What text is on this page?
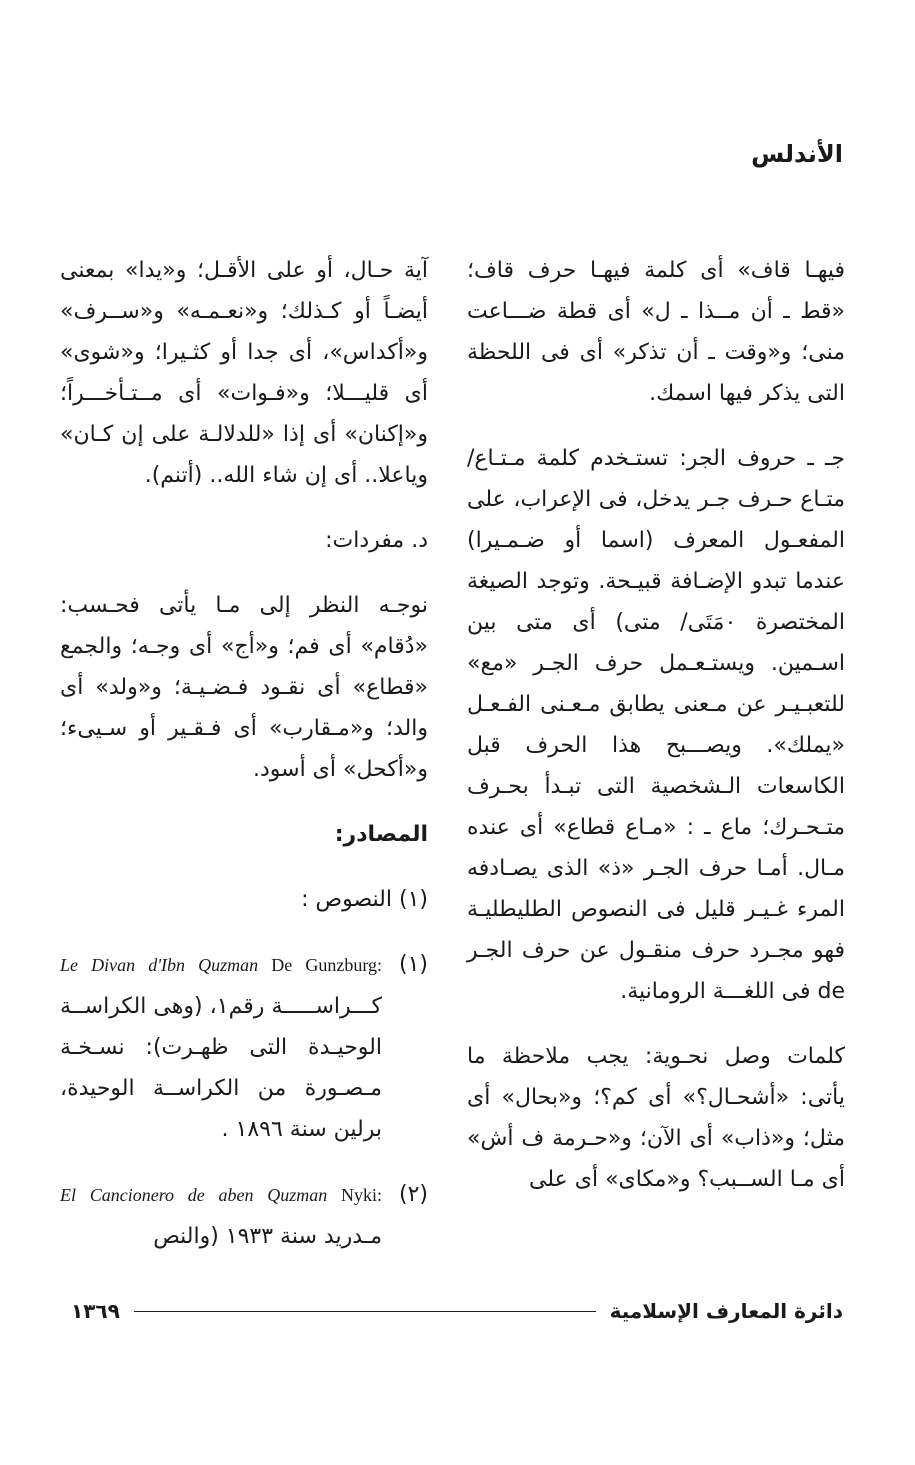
الأندلس

فيهـا قاف» أى كلمة فيهـا حرف قاف؛ «قط ـ أن مــذا ـ ل» أى قطة ضـــاعت منى؛ و«وقت ـ أن تذكر» أى فى اللحظة التى يذكر فيها اسمك.

جـ ـ حروف الجر: تستـخدم كلمة مـتـاع/ متـاع حـرف جـر يدخل، فى الإعراب، على المفعـول المعرف (اسما أو ضـمـيرا) عندما تبدو الإضـافة قبيـحة. وتوجد الصيغة المختصرة ٠مَتَى/ متى) أى متى بين اسـمين. ويستـعـمل حرف الجـر «مع» للتعبـيـر عن مـعنى يطابق مـعـنى الفـعـل «يملك». ويصـــبح هذا الحرف قبل الكاسعات الـشخصية التى تبـدأ بحـرف متـحـرك؛ ماع ـ : «مـاع قطاع» أى عنده مـال. أمـا حرف الجـر «ذ» الذى يصـادفه المرء غـيـر قليل فى النصوص الطليطليـة فهو مجـرد حرف منقـول عن حرف الجـر de فى اللغـــة الرومانية.

كلمات وصل نحـوية: يجب ملاحظة ما يأتى: «أشحـال؟» أى كم؟؛ و«بحال» أى مثل؛ و«ذاب» أى الآن؛ و«حـرمة ف أش» أى مـا الســبب؟ و«مكاى» أى على

آية حـال، أو على الأقـل؛ و«يدا» بمعنى أيضـاً أو كـذلك؛ و«نعـمـه» و«ســرف» و«أكداس»، أى جدا أو كثـيرا؛ و«شوى» أى قليـــلا؛ و«فـوات» أى مــتـأخـــراً؛ و«إكنان» أى إذا «للدلالـة على إن كـان» وياعلا.. أى إن شاء الله.. (أتنم).

د. مفردات:

نوجـه النظر إلى مـا يأتى فحـسب: «دُقام» أى فم؛ و«أج» أى وجـه؛ والجمع «قطاع» أى نقـود فـضـيـة؛ و«ولد» أى والد؛ و«مـقارب» أى فـقـير أو سـيىء؛ و«أكحل» أى أسود.

المصادر:

(١) النصوص :

(١)
Le Divan d'Ibn Quzman De Gunzburg: كـــراســـــة رقم١، (وهى الكراســة الوحيـدة التى ظهـرت): نسـخـة مـصـورة من الكراســة الوحيدة، برلين سنة ١٨٩٦ .

(٢)
El Cancionero de aben Quzman Nyki: مـدريد سنة ١٩٣٣ (والنص

دائرة المعارف الإسلامية
١٣٦٩
